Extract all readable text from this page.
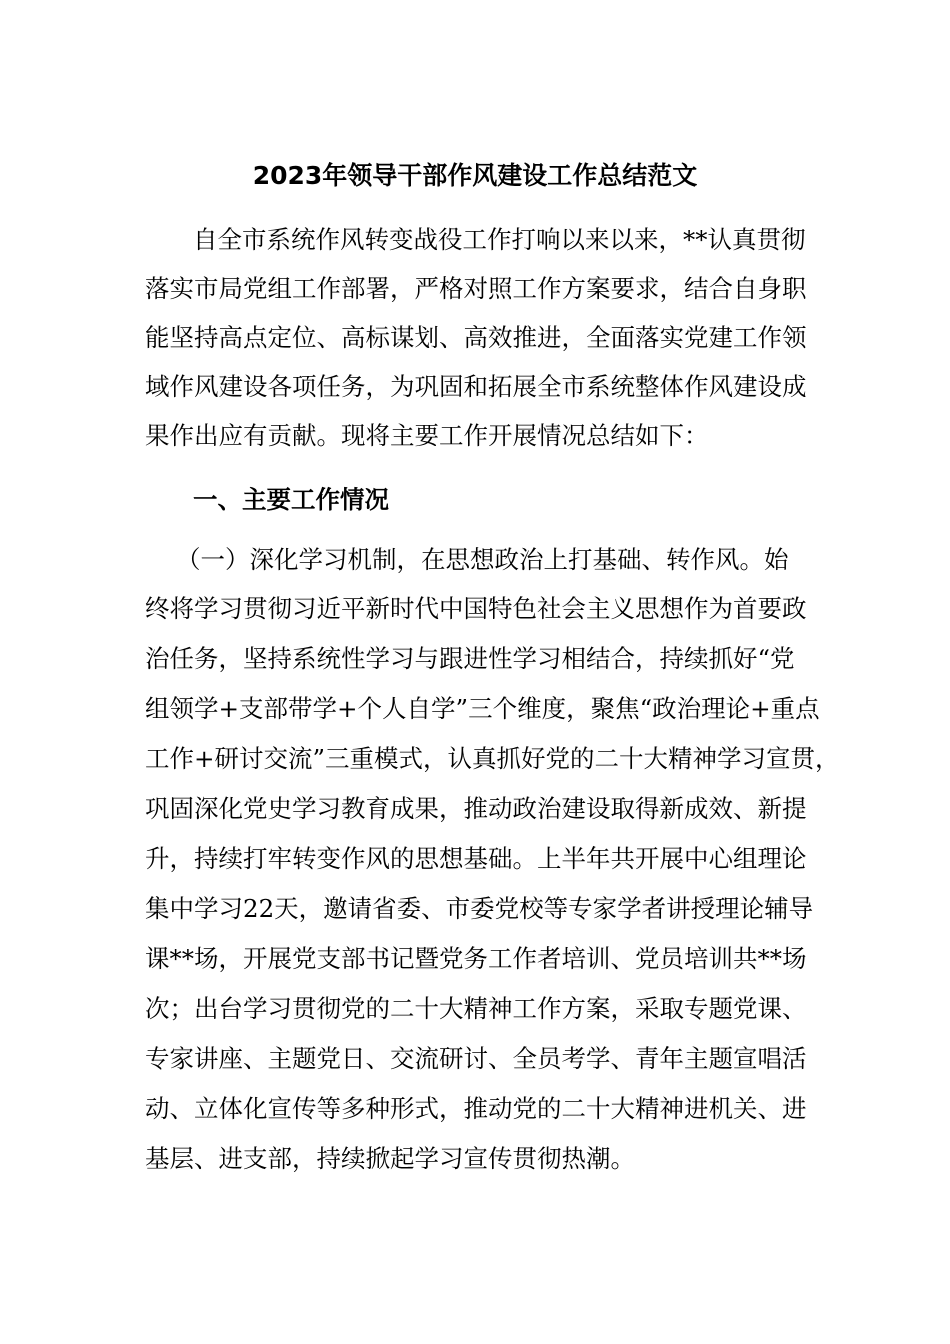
2023年领导干部作风建设工作总结范文
自全市系统作风转变战役工作打响以来以来，**认真贯彻
落实市局党组工作部署，严格对照工作方案要求，结合自身职
能坚持高点定位、高标谋划、高效推进，全面落实党建工作领
域作风建设各项任务，为巩固和拓展全市系统整体作风建设成
果作出应有贡献。现将主要工作开展情况总结如下：
一、主要工作情况
（一）深化学习机制，在思想政治上打基础、转作风。始
终将学习贯彻习近平新时代中国特色社会主义思想作为首要政
治任务，坚持系统性学习与跟进性学习相结合，持续抓好“党
组领学+支部带学+个人自学”三个维度，聚焦“政治理论+重点
工作+研讨交流”三重模式，认真抓好党的二十大精神学习宣贯，
巩固深化党史学习教育成果，推动政治建设取得新成效、新提
升，持续打牢转变作风的思想基础。上半年共开展中心组理论
集中学习22天，邀请省委、市委党校等专家学者讲授理论辅导
课**场，开展党支部书记暨党务工作者培训、党员培训共**场
次；出台学习贯彻党的二十大精神工作方案，采取专题党课、
专家讲座、主题党日、交流研讨、全员考学、青年主题宣唱活
动、立体化宣传等多种形式，推动党的二十大精神进机关、进
基层、进支部，持续掀起学习宣传贯彻热潮。
